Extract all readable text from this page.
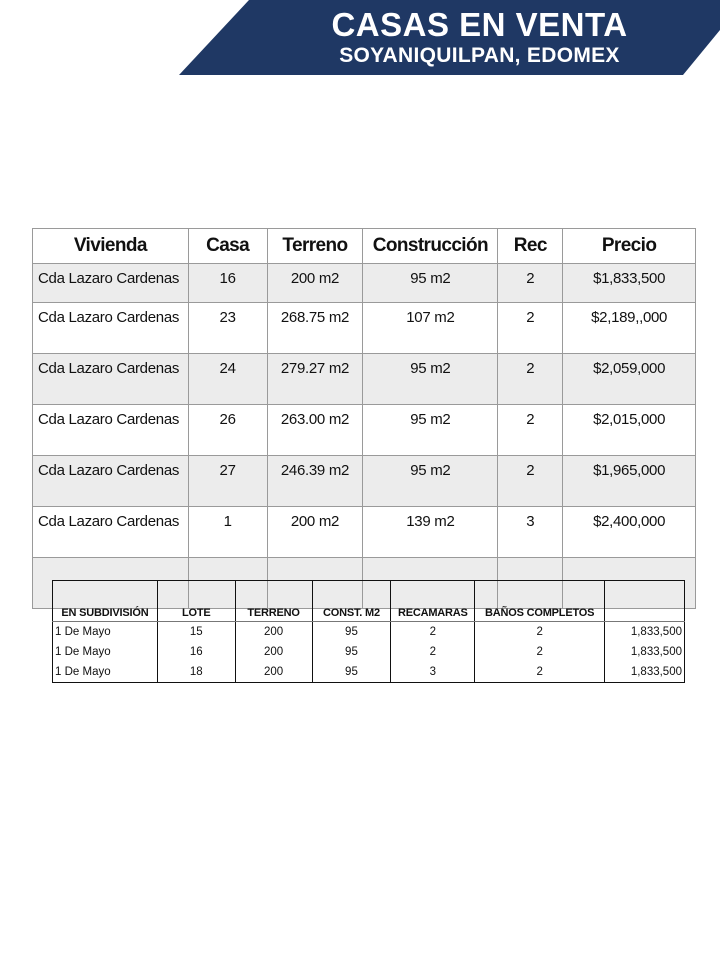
CASAS EN VENTA
SOYANIQUILPAN, EDOMEX
Vivienda	Casa	Terreno	Construcción	Rec	Precio
Cda Lazaro Cardenas	16	200 m2	95 m2	2	$1,833,500
Cda Lazaro Cardenas	23	268.75 m2	107 m2	2	$2,189,,000
Cda Lazaro Cardenas	24	279.27 m2	95 m2	2	$2,059,000
Cda Lazaro Cardenas	26	263.00 m2	95 m2	2	$2,015,000
Cda Lazaro Cardenas	27	246.39 m2	95 m2	2	$1,965,000
Cda Lazaro Cardenas	1	200 m2	139 m2	3	$2,400,000

EN SUBDIVISIÓN	LOTE	TERRENO	CONST. M2	RECAMARAS	BAÑOS COMPLETOS	
1 De Mayo	15	200	95	2	2	1,833,500
1 De Mayo	16	200	95	2	2	1,833,500
1 De Mayo	18	200	95	3	2	1,833,500
